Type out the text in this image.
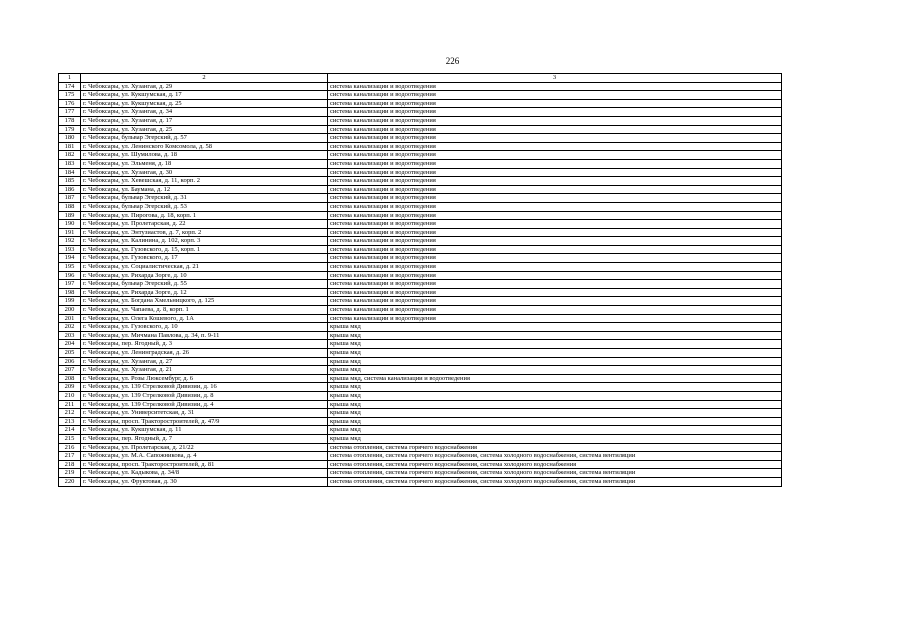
226
1	2	3
174	г. Чебоксары, ул. Хузангая, д. 29	система канализации и водоотведения
175	г. Чебоксары, ул. Кукшумская, д. 17	система канализации и водоотведения
176	г. Чебоксары, ул. Кукшумская, д. 25	система канализации и водоотведения
177	г. Чебоксары, ул. Хузангая, д. 34	система канализации и водоотведения
178	г. Чебоксары, ул. Хузангая, д. 17	система канализации и водоотведения
179	г. Чебоксары, ул. Хузангая, д. 25	система канализации и водоотведения
180	г. Чебоксары, бульвар Эгерский, д. 57	система канализации и водоотведения
181	г. Чебоксары, ул. Ленинского Комсомола, д. 58	система канализации и водоотведения
182	г. Чебоксары, ул. Шумилова, д. 18	система канализации и водоотведения
183	г. Чебоксары, ул. Эльменя, д. 18	система канализации и водоотведения
184	г. Чебоксары, ул. Хузангая, д. 30	система канализации и водоотведения
185	г. Чебоксары, ул. Хевешская, д. 11, корп. 2	система канализации и водоотведения
186	г. Чебоксары, ул. Баумана, д. 12	система канализации и водоотведения
187	г. Чебоксары, бульвар Эгерский, д. 31	система канализации и водоотведения
188	г. Чебоксары, бульвар Эгерский, д. 53	система канализации и водоотведения
189	г. Чебоксары, ул. Пирогова, д. 18, корп. 1	система канализации и водоотведения
190	г. Чебоксары, ул. Пролетарская, д. 22	система канализации и водоотведения
191	г. Чебоксары, ул. Энтузиастов, д. 7, корп. 2	система канализации и водоотведения
192	г. Чебоксары, ул. Калинина, д. 102, корп. 3	система канализации и водоотведения
193	г. Чебоксары, ул. Гузовского, д. 15, корп. 1	система канализации и водоотведения
194	г. Чебоксары, ул. Гузовского, д. 17	система канализации и водоотведения
195	г. Чебоксары, ул. Социалистическая, д. 21	система канализации и водоотведения
196	г. Чебоксары, ул. Рихарда Зорге, д. 10	система канализации и водоотведения
197	г. Чебоксары, бульвар Эгерский, д. 55	система канализации и водоотведения
198	г. Чебоксары, ул. Рихарда Зорге, д. 12	система канализации и водоотведения
199	г. Чебоксары, ул. Богдана Хмельницкого, д. 125	система канализации и водоотведения
200	г. Чебоксары, ул. Чапаева, д. 8, корп. 1	система канализации и водоотведения
201	г. Чебоксары, ул. Олега Кошевого, д. 1А	система канализации и водоотведения
202	г. Чебоксары, ул. Гузовского, д. 10	крыша мкд
203	г. Чебоксары, ул. Мичмана Павлова, д. 34, п. 9-11	крыша мкд
204	г. Чебоксары, пер. Ягодный, д. 3	крыша мкд
205	г. Чебоксары, ул. Ленинградская, д. 26	крыша мкд
206	г. Чебоксары, ул. Хузангая, д. 27	крыша мкд
207	г. Чебоксары, ул. Хузангая, д. 21	крыша мкд
208	г. Чебоксары, ул. Розы Люксембург, д. 6	крыша мкд, система канализации и водоотведения
209	г. Чебоксары, ул. 139 Стрелковой Дивизии, д. 16	крыша мкд
210	г. Чебоксары, ул. 139 Стрелковой Дивизии, д. 8	крыша мкд
211	г. Чебоксары, ул. 139 Стрелковой Дивизии, д. 4	крыша мкд
212	г. Чебоксары, ул. Университетская, д. 31	крыша мкд
213	г. Чебоксары, просп. Тракторостроителей, д. 47/9	крыша мкд
214	г. Чебоксары, ул. Кукшумская, д. 11	крыша мкд
215	г. Чебоксары, пер. Ягодный, д. 7	крыша мкд
216	г. Чебоксары, ул. Пролетарская, д. 21/22	система отопления, система горячего водоснабжения
217	г. Чебоксары, ул. М.А. Сапожникова, д. 4	система отопления, система горячего водоснабжения, система холодного водоснабжения, система вентиляции
218	г. Чебоксары, просп. Тракторостроителей, д. 81	система отопления, система горячего водоснабжения, система холодного водоснабжения
219	г. Чебоксары, ул. Кадыкова, д. 34/8	система отопления, система горячего водоснабжения, система холодного водоснабжения, система вентиляции
220	г. Чебоксары, ул. Фруктовая, д. 30	система отопления, система горячего водоснабжения, система холодного водоснабжения, система вентиляции
